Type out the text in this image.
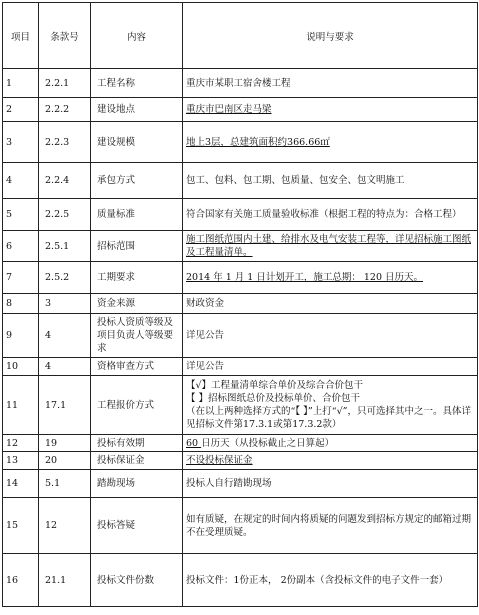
项目	条款号	内容	说明与要求
1	2.2.1	工程名称	重庆市某职工宿舍楼工程
2	2.2.2	建设地点	重庆市巴南区走马梁
3	2.2.3	建设规模	地上3层，总建筑面积约366.66㎡
4	2.2.4	承包方式	包工、包料、包工期、包质量、包安全、包文明施工
5	2.2.5	质量标准	符合国家有关施工质量验收标准（根据工程的特点为：合格工程）
6	2.5.1	招标范围	施工图纸范围内土建、给排水及电气安装工程等，详见招标施工图纸及工程量清单。
7	2.5.2	工期要求	2014 年 1 月 1 日计划开工，施工总期： 120 日历天。
8	3	资金来源	财政资金
9	4	投标人资质等级及项目负责人等级要求	详见公告
10	4	资格审查方式	详见公告
11	17.1	工程报价方式	【√】工程量清单综合单价及综合合价包干
【 】招标图纸总价及投标单价、合价包干
（在以上两种选择方式的“【 】”上打“√”，只可选择其中之一。具体详见招标文件第17.3.1或第17.3.2款）

12	19	投标有效期	60 日历天（从投标截止之日算起）
13	20	投标保证金	不设投标保证金
14	5.1	踏勘现场	投标人自行踏勘现场
15	12	投标答疑	如有质疑，在规定的时间内将质疑的问题发到招标方规定的邮箱过期不在受理质疑。
16	21.1	投标文件份数	投标文件：1份正本， 2份副本（含投标文件的电子文件一套）
